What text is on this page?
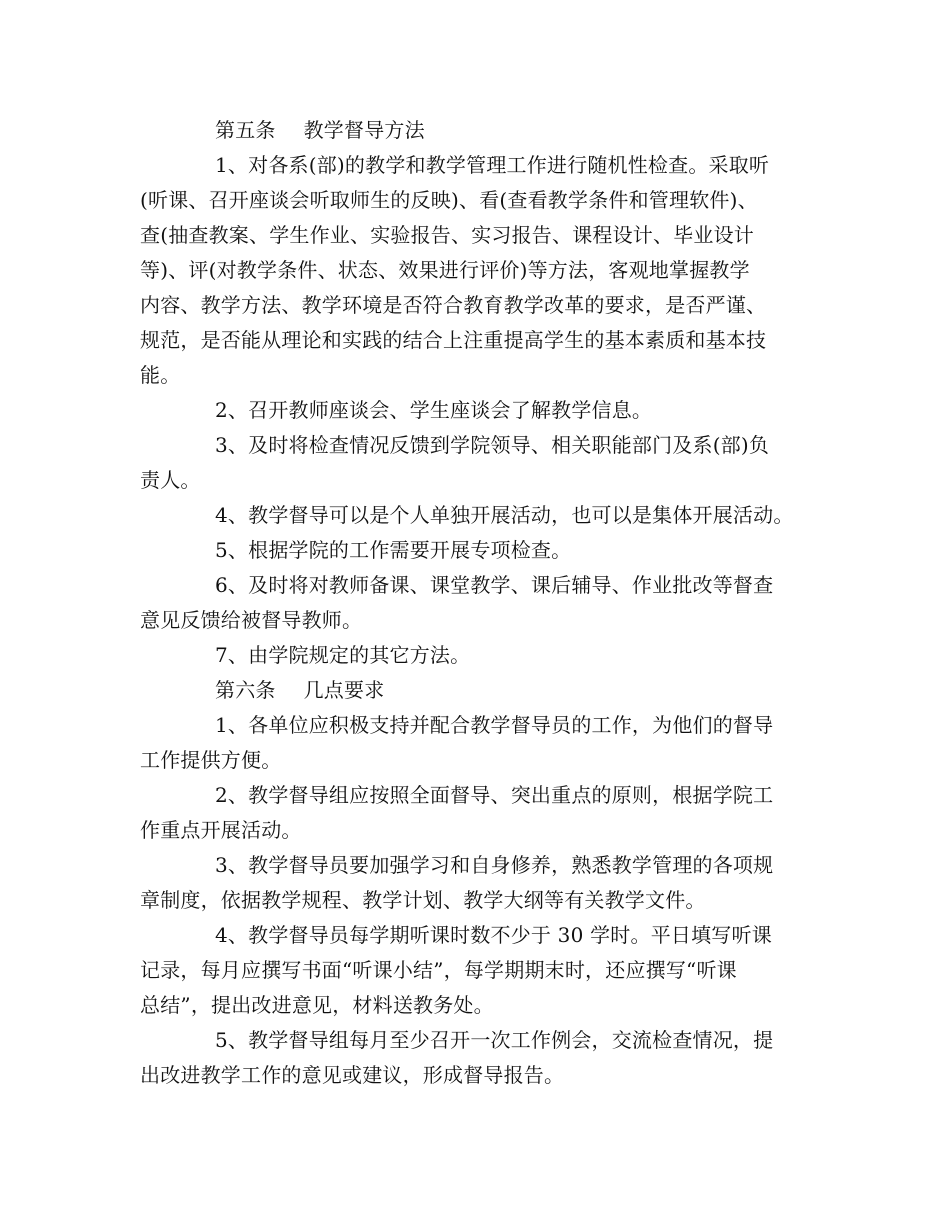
第五条 教学督导方法
1、对各系(部)的教学和教学管理工作进行随机性检查。采取听
(听课、召开座谈会听取师生的反映)、看(查看教学条件和管理软件)、
查(抽查教案、学生作业、实验报告、实习报告、课程设计、毕业设计
等)、评(对教学条件、状态、效果进行评价)等方法，客观地掌握教学
内容、教学方法、教学环境是否符合教育教学改革的要求，是否严谨、
规范，是否能从理论和实践的结合上注重提高学生的基本素质和基本技
能。
2、召开教师座谈会、学生座谈会了解教学信息。
3、及时将检查情况反馈到学院领导、相关职能部门及系(部)负
责人。
4、教学督导可以是个人单独开展活动，也可以是集体开展活动。
5、根据学院的工作需要开展专项检查。
6、及时将对教师备课、课堂教学、课后辅导、作业批改等督查
意见反馈给被督导教师。
7、由学院规定的其它方法。
第六条 几点要求
1、各单位应积极支持并配合教学督导员的工作，为他们的督导
工作提供方便。
2、教学督导组应按照全面督导、突出重点的原则，根据学院工
作重点开展活动。
3、教学督导员要加强学习和自身修养，熟悉教学管理的各项规
章制度，依据教学规程、教学计划、教学大纲等有关教学文件。
4、教学督导员每学期听课时数不少于 30 学时。平日填写听课
记录，每月应撰写书面“听课小结”，每学期期末时，还应撰写“听课
总结”，提出改进意见，材料送教务处。
5、教学督导组每月至少召开一次工作例会，交流检查情况，提
出改进教学工作的意见或建议，形成督导报告。
